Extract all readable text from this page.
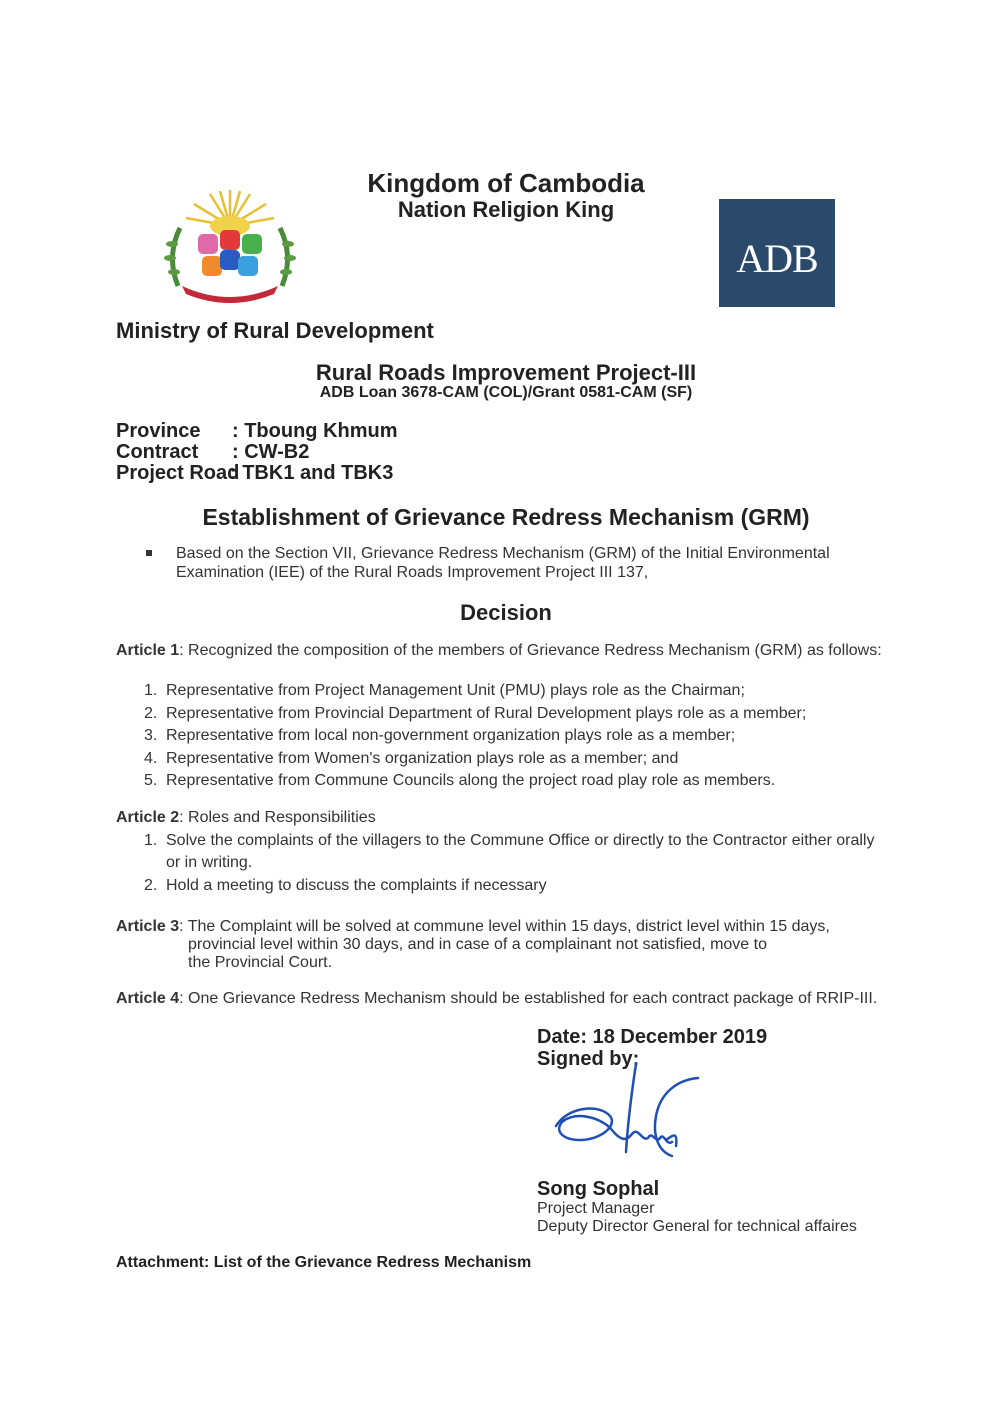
Kingdom of Cambodia
Nation Religion King
ADB
Ministry of Rural Development
Rural Roads Improvement Project-III
ADB Loan 3678-CAM (COL)/Grant 0581-CAM (SF)
Province : Tboung Khmum
Contract : CW-B2
Project Road
: TBK1 and TBK3
Establishment of Grievance Redress Mechanism (GRM)
Based on the Section VII, Grievance Redress Mechanism (GRM) of the Initial Environmental
Examination (IEE) of the Rural Roads Improvement Project III 137,
Decision
Article 1: Recognized the composition of the members of Grievance Redress Mechanism (GRM) as follows:
1. Representative from Project Management Unit (PMU) plays role as the Chairman;
2. Representative from Provincial Department of Rural Development plays role as a member;
3. Representative from local non-government organization plays role as a member;
4. Representative from Women's organization plays role as a member; and
5. Representative from Commune Councils along the project road play role as members.
Article 2: Roles and Responsibilities
1. Solve the complaints of the villagers to the Commune Office or directly to the Contractor either orally
or in writing.
2. Hold a meeting to discuss the complaints if necessary
Article 3: The Complaint will be solved at commune level within 15 days, district level within 15 days,
provincial level within 30 days, and in case of a complainant not satisfied, move to
the Provincial Court.
Article 4: One Grievance Redress Mechanism should be established for each contract package of RRIP-III.
Date: 18 December 2019
Signed by:
Song Sophal
Project Manager
Deputy Director General for technical affaires
Attachment: List of the Grievance Redress Mechanism
